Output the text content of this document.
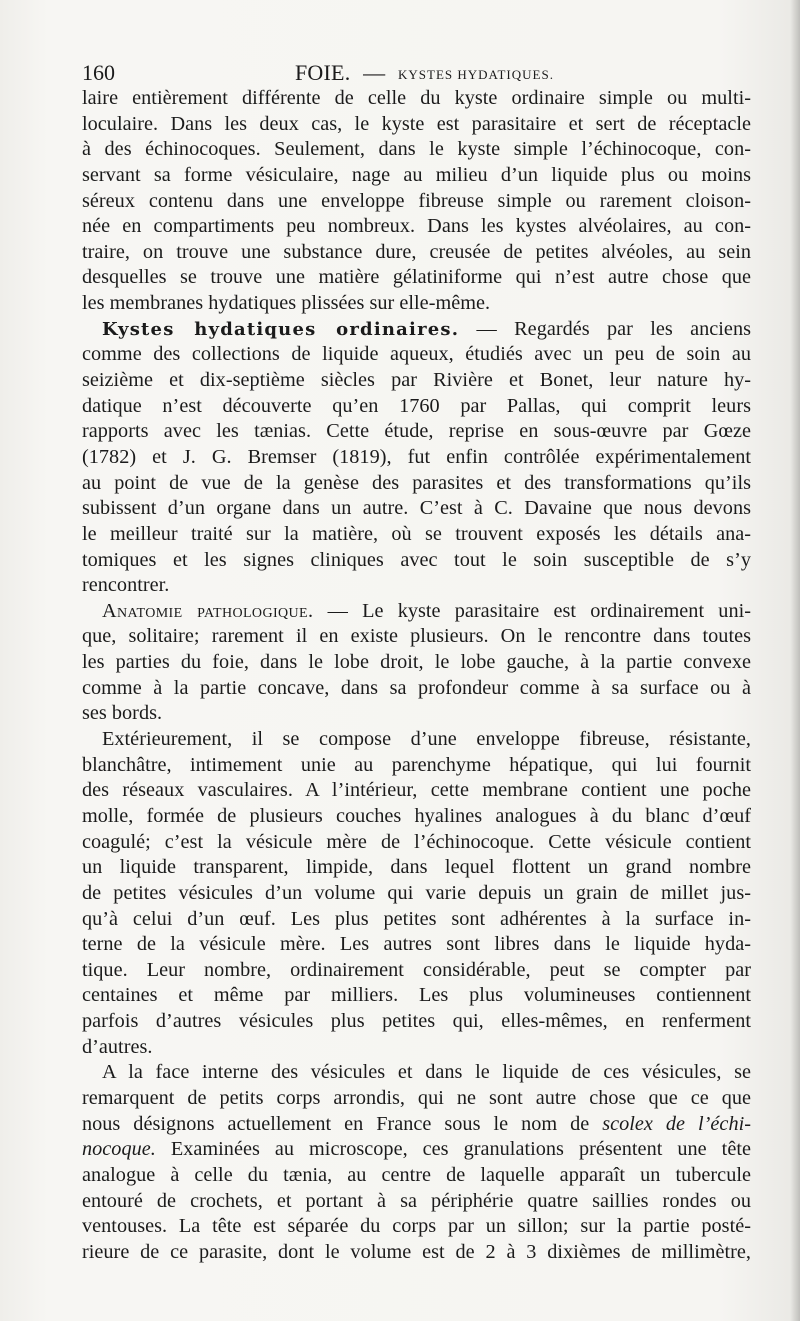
160	FOIE. — KYSTES HYDATIQUES.
laire entièrement différente de celle du kyste ordinaire simple ou multi-
loculaire. Dans les deux cas, le kyste est parasitaire et sert de réceptacle
à des échinocoques. Seulement, dans le kyste simple l’échinocoque, con-
servant sa forme vésiculaire, nage au milieu d’un liquide plus ou moins
séreux contenu dans une enveloppe fibreuse simple ou rarement cloison-
née en compartiments peu nombreux. Dans les kystes alvéolaires, au con-
traire, on trouve une substance dure, creusée de petites alvéoles, au sein
desquelles se trouve une matière gélatiniforme qui n’est autre chose que
les membranes hydatiques plissées sur elle-même.
Kystes hydatiques ordinaires. — Regardés par les anciens
comme des collections de liquide aqueux, étudiés avec un peu de soin au
seizième et dix-septième siècles par Rivière et Bonet, leur nature hy-
datique n’est découverte qu’en 1760 par Pallas, qui comprit leurs
rapports avec les tænias. Cette étude, reprise en sous-œuvre par Gœze
(1782) et J. G. Bremser (1819), fut enfin contrôlée expérimentalement
au point de vue de la genèse des parasites et des transformations qu’ils
subissent d’un organe dans un autre. C’est à C. Davaine que nous devons
le meilleur traité sur la matière, où se trouvent exposés les détails ana-
tomiques et les signes cliniques avec tout le soin susceptible de s’y
rencontrer.
Anatomie pathologique. — Le kyste parasitaire est ordinairement uni-
que, solitaire; rarement il en existe plusieurs. On le rencontre dans toutes
les parties du foie, dans le lobe droit, le lobe gauche, à la partie convexe
comme à la partie concave, dans sa profondeur comme à sa surface ou à
ses bords.
Extérieurement, il se compose d’une enveloppe fibreuse, résistante,
blanchâtre, intimement unie au parenchyme hépatique, qui lui fournit
des réseaux vasculaires. A l’intérieur, cette membrane contient une poche
molle, formée de plusieurs couches hyalines analogues à du blanc d’œuf
coagulé; c’est la vésicule mère de l’échinocoque. Cette vésicule contient
un liquide transparent, limpide, dans lequel flottent un grand nombre
de petites vésicules d’un volume qui varie depuis un grain de millet jus-
qu’à celui d’un œuf. Les plus petites sont adhérentes à la surface in-
terne de la vésicule mère. Les autres sont libres dans le liquide hyda-
tique. Leur nombre, ordinairement considérable, peut se compter par
centaines et même par milliers. Les plus volumineuses contiennent
parfois d’autres vésicules plus petites qui, elles-mêmes, en renferment
d’autres.
A la face interne des vésicules et dans le liquide de ces vésicules, se
remarquent de petits corps arrondis, qui ne sont autre chose que ce que
nous désignons actuellement en France sous le nom de scolex de l’échi-
nocoque. Examinées au microscope, ces granulations présentent une tête
analogue à celle du tænia, au centre de laquelle apparaît un tubercule
entouré de crochets, et portant à sa périphérie quatre saillies rondes ou
ventouses. La tête est séparée du corps par un sillon; sur la partie posté-
rieure de ce parasite, dont le volume est de 2 à 3 dixièmes de millimètre,
